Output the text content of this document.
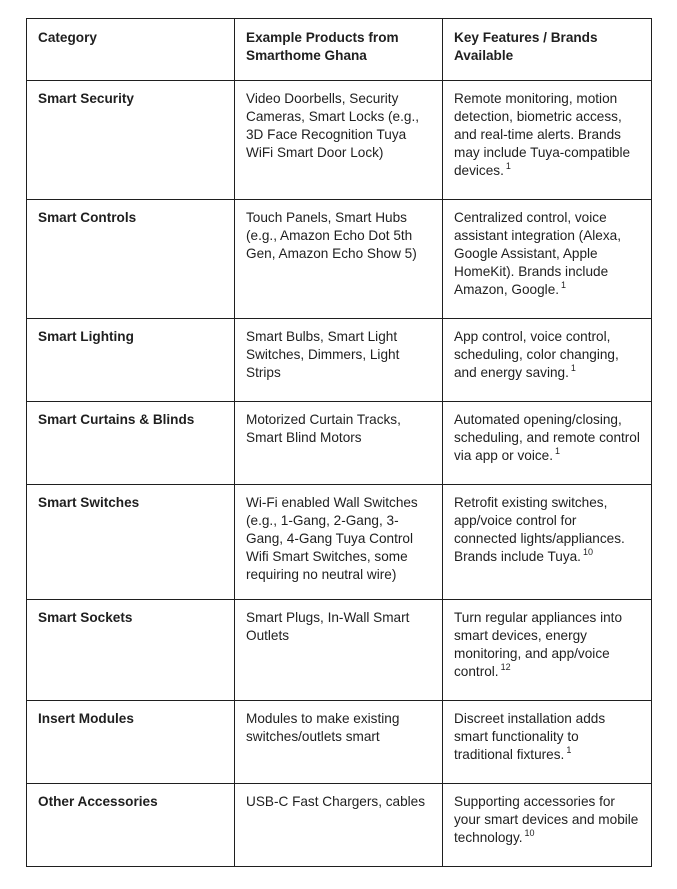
Category	Example Products from Smarthome Ghana	Key Features / Brands Available
Smart Security	Video Doorbells, Security Cameras, Smart Locks (e.g., 3D Face Recognition Tuya WiFi Smart Door Lock)	Remote monitoring, motion detection, biometric access, and real-time alerts. Brands may include Tuya-compatible devices. $^1$
Smart Controls	Touch Panels, Smart Hubs (e.g., Amazon Echo Dot 5th Gen, Amazon Echo Show 5)	Centralized control, voice assistant integration (Alexa, Google Assistant, Apple HomeKit). Brands include Amazon, Google. $^1$
Smart Lighting	Smart Bulbs, Smart Light Switches, Dimmers, Light Strips	App control, voice control, scheduling, color changing, and energy saving. $^1$
Smart Curtains & Blinds	Motorized Curtain Tracks, Smart Blind Motors	Automated opening/closing, scheduling, and remote control via app or voice. $^1$
Smart Switches	Wi-Fi enabled Wall Switches (e.g., 1-Gang, 2-Gang, 3-Gang, 4-Gang Tuya Control Wifi Smart Switches, some requiring no neutral wire)	Retrofit existing switches, app/voice control for connected lights/appliances. Brands include Tuya. $^{10}$
Smart Sockets	Smart Plugs, In-Wall Smart Outlets	Turn regular appliances into smart devices, energy monitoring, and app/voice control. $^{12}$
Insert Modules	Modules to make existing switches/outlets smart	Discreet installation adds smart functionality to traditional fixtures. $^1$
Other Accessories	USB-C Fast Chargers, cables	Supporting accessories for your smart devices and mobile technology. $^{10}$
